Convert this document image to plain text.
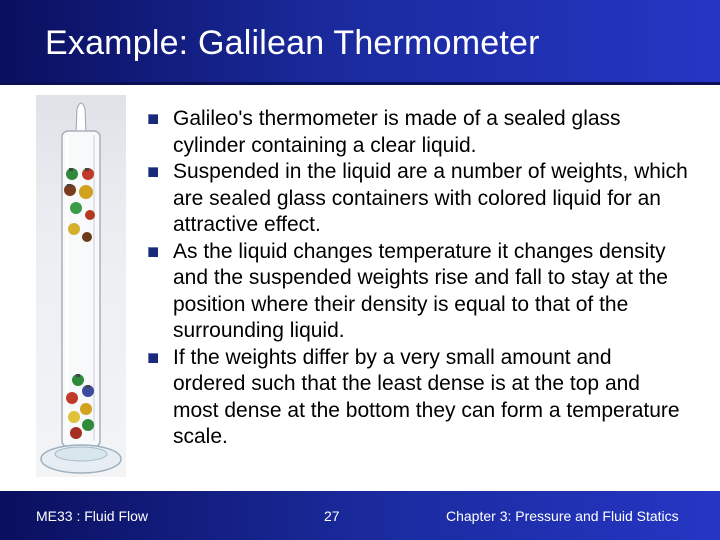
Example: Galilean Thermometer
Galileo's thermometer is made of a sealed glass cylinder containing a clear liquid.
Suspended in the liquid are a number of weights, which are sealed glass containers with colored liquid for an attractive effect.
As the liquid changes temperature it changes density and the suspended weights rise and fall to stay at the position where their density is equal to that of the surrounding liquid.
If the weights differ by a very small amount and ordered such that the least dense is at the top and most dense at the bottom they can form a temperature scale.
ME33 : Fluid Flow	27	Chapter 3: Pressure and Fluid Statics
